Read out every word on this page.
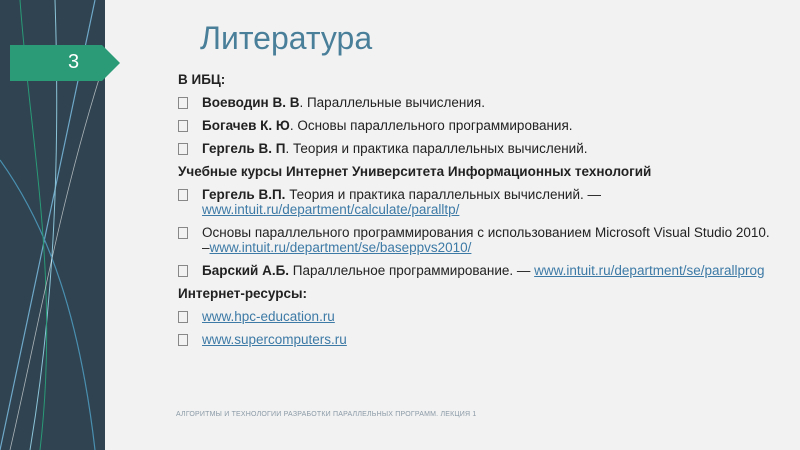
3
Литература
В ИБЦ:
Воеводин В. В. Параллельные вычисления.
Богачев К. Ю. Основы параллельного программирования.
Гергель В. П. Теория и практика параллельных вычислений.
Учебные курсы Интернет Университета Информационных технологий
Гергель В.П. Теория и практика параллельных вычислений. — www.intuit.ru/department/calculate/paralltp/
Основы параллельного программирования с использованием Microsoft Visual Studio 2010. –www.intuit.ru/department/se/baseppvs2010/
Барский А.Б. Параллельное программирование. — www.intuit.ru/department/se/parallprog
Интернет-ресурсы:
www.hpc-education.ru
www.supercomputers.ru
АЛГОРИТМЫ И ТЕХНОЛОГИИ РАЗРАБОТКИ ПАРАЛЛЕЛЬНЫХ ПРОГРАММ. ЛЕКЦИЯ 1
